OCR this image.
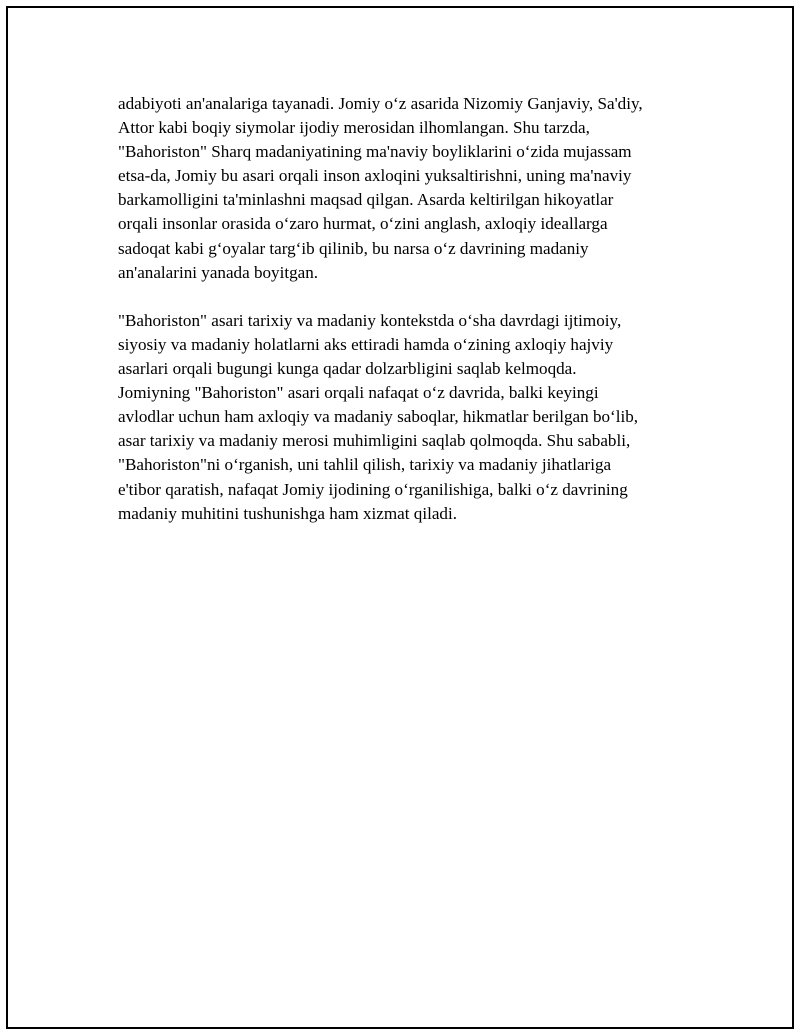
adabiyoti an'analariga tayanadi. Jomiy oʻz asarida Nizomiy Ganjaviy, Sa'diy,
Attor kabi boqiy siymolar ijodiy merosidan ilhomlangan. Shu tarzda,
"Bahoriston" Sharq madaniyatining ma'naviy boyliklarini oʻzida mujassam
etsa-da, Jomiy bu asari orqali inson axloqini yuksaltirishni, uning ma'naviy
barkamolligini ta'minlashni maqsad qilgan. Asarda keltirilgan hikoyatlar
orqali insonlar orasida oʻzaro hurmat, oʻzini anglash, axloqiy ideallarga
sadoqat kabi gʻoyalar targʻib qilinib, bu narsa oʻz davrining madaniy
an'analarini yanada boyitgan.

"Bahoriston" asari tarixiy va madaniy kontekstda oʻsha davrdagi ijtimoiy,
siyosiy va madaniy holatlarni aks ettiradi hamda oʻzining axloqiy hajviy
asarlari orqali bugungi kunga qadar dolzarbligini saqlab kelmoqda.
Jomiyning "Bahoriston" asari orqali nafaqat oʻz davrida, balki keyingi
avlodlar uchun ham axloqiy va madaniy saboqlar, hikmatlar berilgan boʻlib,
asar tarixiy va madaniy merosi muhimligini saqlab qolmoqda. Shu sababli,
"Bahoriston"ni oʻrganish, uni tahlil qilish, tarixiy va madaniy jihatlariga
e'tibor qaratish, nafaqat Jomiy ijodining oʻrganilishiga, balki oʻz davrining
madaniy muhitini tushunishga ham xizmat qiladi.
